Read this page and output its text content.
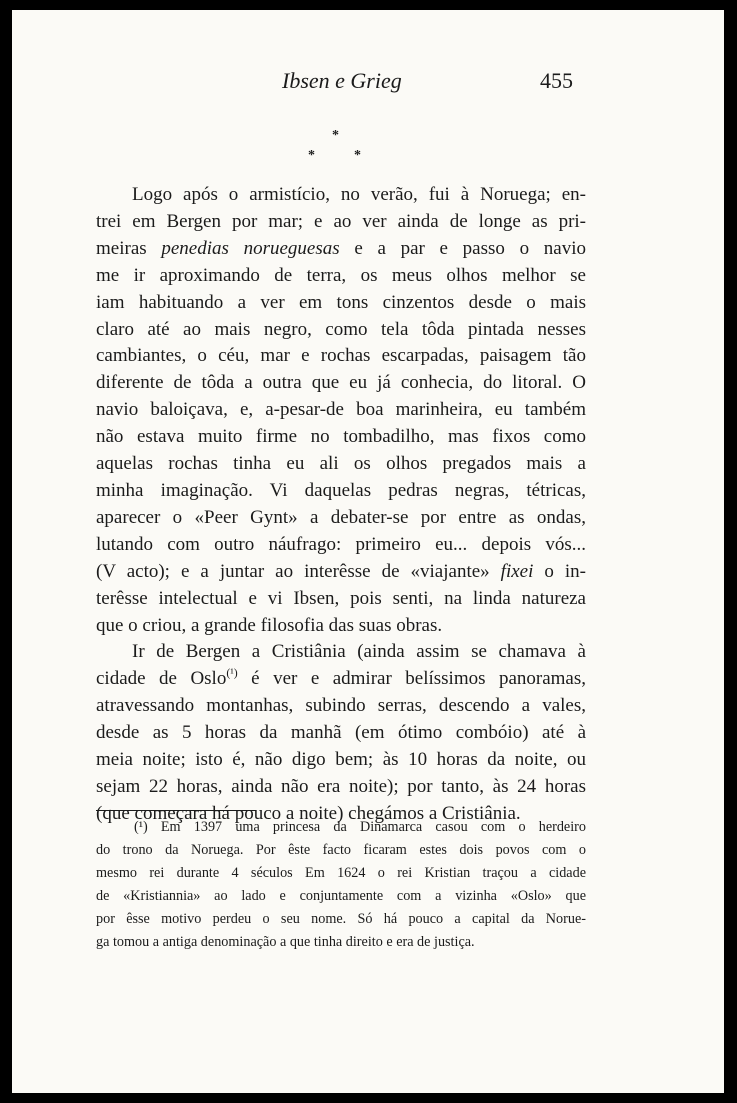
Ibsen e Grieg	455
*
*	*

Logo após o armistício, no verão, fui à Noruega; en-
trei em Bergen por mar; e ao ver ainda de longe as pri-
meiras penedias norueguesas e a par e passo o navio
me ir aproximando de terra, os meus olhos melhor se
iam habituando a ver em tons cinzentos desde o mais
claro até ao mais negro, como tela tôda pintada nesses
cambiantes, o céu, mar e rochas escarpadas, paisagem tão
diferente de tôda a outra que eu já conhecia, do litoral. O
navio baloiçava, e, a-pesar-de boa marinheira, eu também
não estava muito firme no tombadilho, mas fixos como
aquelas rochas tinha eu ali os olhos pregados mais a
minha imaginação. Vi daquelas pedras negras, tétricas,
aparecer o «Peer Gynt» a debater-se por entre as ondas,
lutando com outro náufrago: primeiro eu... depois vós...
(V acto); e a juntar ao interêsse de «viajante» fixei o in-
terêsse intelectual e vi Ibsen, pois senti, na linda natureza
que o criou, a grande filosofia das suas obras.

Ir de Bergen a Cristiânia (ainda assim se chamava à
cidade de Oslo$^{(^1)}$ é ver e admirar belíssimos panoramas,
atravessando montanhas, subindo serras, descendo a vales,
desde as 5 horas da manhã (em ótimo combóio) até à
meia noite; isto é, não digo bem; às 10 horas da noite, ou
sejam 22 horas, ainda não era noite); por tanto, às 24 horas
(que começara há pouco a noite) chegámos a Cristiânia.

(¹) Em 1397 uma princesa da Dinamarca casou com o herdeiro
do trono da Noruega. Por êste facto ficaram estes dois povos com o
mesmo rei durante 4 séculos Em 1624 o rei Kristian traçou a cidade
de «Kristiannia» ao lado e conjuntamente com a vizinha «Oslo» que
por êsse motivo perdeu o seu nome. Só há pouco a capital da Norue-
ga tomou a antiga denominação a que tinha direito e era de justiça.
